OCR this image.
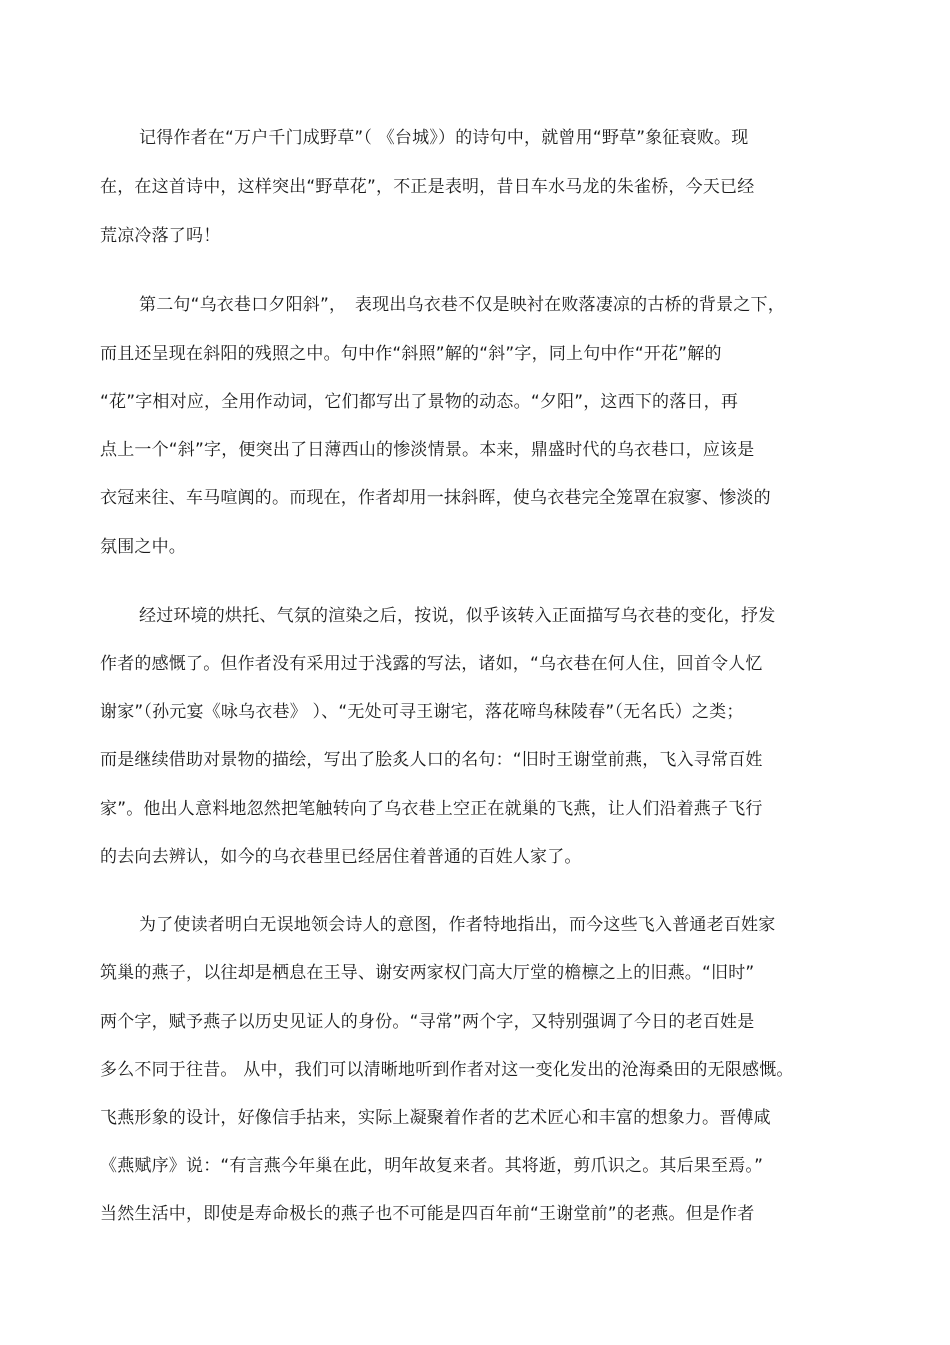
记得作者在“万户千门成野草”（ 《台城》）的诗句中，就曾用“野草”象征衰败。现
在，在这首诗中，这样突出“野草花”，不正是表明，昔日车水马龙的朱雀桥，今天已经
荒凉冷落了吗！
第二句“乌衣巷口夕阳斜”，　表现出乌衣巷不仅是映衬在败落凄凉的古桥的背景之下，
而且还呈现在斜阳的残照之中。句中作“斜照”解的“斜”字，同上句中作“开花”解的
“花”字相对应，全用作动词，它们都写出了景物的动态。“夕阳”，这西下的落日，再
点上一个“斜”字，便突出了日薄西山的惨淡情景。本来，鼎盛时代的乌衣巷口，应该是
衣冠来往、车马喧阗的。而现在，作者却用一抹斜晖，使乌衣巷完全笼罩在寂寥、惨淡的
氛围之中。
经过环境的烘托、气氛的渲染之后，按说，似乎该转入正面描写乌衣巷的变化，抒发
作者的感慨了。但作者没有采用过于浅露的写法，诸如，“乌衣巷在何人住，回首令人忆
谢家”（孙元宴《咏乌衣巷》 ）、“无处可寻王谢宅，落花啼鸟秣陵春”（无名氏）之类；
而是继续借助对景物的描绘，写出了脍炙人口的名句：“旧时王谢堂前燕，飞入寻常百姓
家”。他出人意料地忽然把笔触转向了乌衣巷上空正在就巢的飞燕，让人们沿着燕子飞行
的去向去辨认，如今的乌衣巷里已经居住着普通的百姓人家了。
为了使读者明白无误地领会诗人的意图，作者特地指出，而今这些飞入普通老百姓家
筑巢的燕子，以往却是栖息在王导、谢安两家权门高大厅堂的檐檩之上的旧燕。“旧时”
两个字，赋予燕子以历史见证人的身份。“寻常”两个字，又特别强调了今日的老百姓是
多么不同于往昔。 从中，我们可以清晰地听到作者对这一变化发出的沧海桑田的无限感慨。
飞燕形象的设计，好像信手拈来，实际上凝聚着作者的艺术匠心和丰富的想象力。晋傅咸
《燕赋序》说：“有言燕今年巢在此，明年故复来者。其将逝，剪爪识之。其后果至焉。”
当然生活中，即使是寿命极长的燕子也不可能是四百年前“王谢堂前”的老燕。但是作者
